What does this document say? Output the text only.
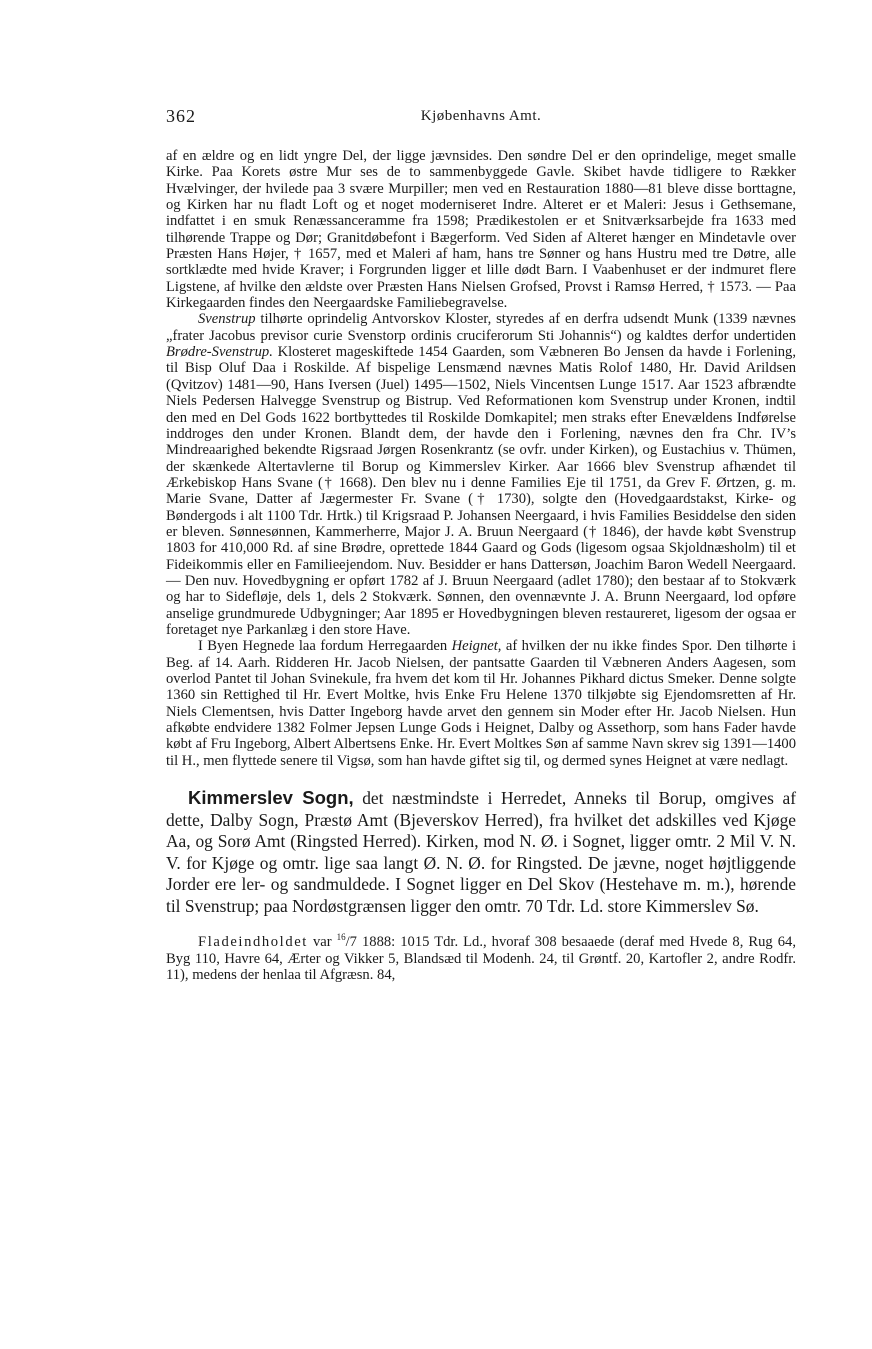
362	Kjøbenhavns Amt.

af en ældre og en lidt yngre Del, der ligge jævnsides. Den søndre Del er den oprindelige, meget smalle Kirke. Paa Korets østre Mur ses de to sammenbyggede Gavle. Skibet havde tidligere to Rækker Hvælvinger, der hvilede paa 3 svære Murpiller; men ved en Restauration 1880—81 bleve disse borttagne, og Kirken har nu fladt Loft og et noget moderniseret Indre. Alteret er et Maleri: Jesus i Gethsemane, indfattet i en smuk Renæssanceramme fra 1598; Prædikestolen er et Snitværksarbejde fra 1633 med tilhørende Trappe og Dør; Granitdøbefont i Bægerform. Ved Siden af Alteret hænger en Mindetavle over Præsten Hans Højer, † 1657, med et Maleri af ham, hans tre Sønner og hans Hustru med tre Døtre, alle sortklædte med hvide Kraver; i Forgrunden ligger et lille dødt Barn. I Vaabenhuset er der indmuret flere Ligstene, af hvilke den ældste over Præsten Hans Nielsen Grofsed, Provst i Ramsø Herred, † 1573. — Paa Kirkegaarden findes den Neergaardske Familiebegravelse.

Svenstrup tilhørte oprindelig Antvorskov Kloster, styredes af en derfra udsendt Munk (1339 nævnes „frater Jacobus previsor curie Svenstorp ordinis cruciferorum Sti Johannis“) og kaldtes derfor undertiden Brødre-Svenstrup. Klosteret mageskiftede 1454 Gaarden, som Væbneren Bo Jensen da havde i Forlening, til Bisp Oluf Daa i Roskilde. Af bispelige Lensmænd nævnes Matis Rolof 1480, Hr. David Arildsen (Qvitzov) 1481—90, Hans Iversen (Juel) 1495—1502, Niels Vincentsen Lunge 1517. Aar 1523 afbrændte Niels Pedersen Halvegge Svenstrup og Bistrup. Ved Reformationen kom Svenstrup under Kronen, indtil den med en Del Gods 1622 bortbyttedes til Roskilde Domkapitel; men straks efter Enevældens Indførelse inddroges den under Kronen. Blandt dem, der havde den i Forlening, nævnes den fra Chr. IV’s Mindreaarighed bekendte Rigsraad Jørgen Rosenkrantz (se ovfr. under Kirken), og Eustachius v. Thümen, der skænkede Altertavlerne til Borup og Kimmerslev Kirker. Aar 1666 blev Svenstrup afhændet til Ærkebiskop Hans Svane († 1668). Den blev nu i denne Families Eje til 1751, da Grev F. Ørtzen, g. m. Marie Svane, Datter af Jægermester Fr. Svane († 1730), solgte den (Hovedgaardstakst, Kirke- og Bøndergods i alt 1100 Tdr. Hrtk.) til Krigsraad P. Johansen Neergaard, i hvis Families Besiddelse den siden er bleven. Sønnesønnen, Kammerherre, Major J. A. Bruun Neergaard († 1846), der havde købt Svenstrup 1803 for 410,000 Rd. af sine Brødre, oprettede 1844 Gaard og Gods (ligesom ogsaa Skjoldnæsholm) til et Fideikommis eller en Familieejendom. Nuv. Besidder er hans Dattersøn, Joachim Baron Wedell Neergaard. — Den nuv. Hovedbygning er opført 1782 af J. Bruun Neergaard (adlet 1780); den bestaar af to Stokværk og har to Sidefløje, dels 1, dels 2 Stokværk. Sønnen, den ovennævnte J. A. Brunn Neergaard, lod opføre anselige grundmurede Udbygninger; Aar 1895 er Hovedbygningen bleven restaureret, ligesom der ogsaa er foretaget nye Parkanlæg i den store Have.

I Byen Hegnede laa fordum Herregaarden Heignet, af hvilken der nu ikke findes Spor. Den tilhørte i Beg. af 14. Aarh. Ridderen Hr. Jacob Nielsen, der pantsatte Gaarden til Væbneren Anders Aagesen, som overlod Pantet til Johan Svinekule, fra hvem det kom til Hr. Johannes Pikhard dictus Smeker. Denne solgte 1360 sin Rettighed til Hr. Evert Moltke, hvis Enke Fru Helene 1370 tilkjøbte sig Ejendomsretten af Hr. Niels Clementsen, hvis Datter Ingeborg havde arvet den gennem sin Moder efter Hr. Jacob Nielsen. Hun afkøbte endvidere 1382 Folmer Jepsen Lunge Gods i Heignet, Dalby og Assethorp, som hans Fader havde købt af Fru Ingeborg, Albert Albertsens Enke. Hr. Evert Moltkes Søn af samme Navn skrev sig 1391—1400 til H., men flyttede senere til Vigsø, som han havde giftet sig til, og dermed synes Heignet at være nedlagt.

Kimmerslev Sogn, det næstmindste i Herredet, Anneks til Borup, omgives af dette, Dalby Sogn, Præstø Amt (Bjeverskov Herred), fra hvilket det adskilles ved Kjøge Aa, og Sorø Amt (Ringsted Herred). Kirken, mod N. Ø. i Sognet, ligger omtr. 2 Mil V. N. V. for Kjøge og omtr. lige saa langt Ø. N. Ø. for Ringsted. De jævne, noget højtliggende Jorder ere ler- og sandmuldede. I Sognet ligger en Del Skov (Hestehave m. m.), hørende til Svenstrup; paa Nordøstgrænsen ligger den omtr. 70 Tdr. Ld. store Kimmerslev Sø.

Fladeindholdet var $^{16}$/7 1888: 1015 Tdr. Ld., hvoraf 308 besaaede (deraf med Hvede 8, Rug 64, Byg 110, Havre 64, Ærter og Vikker 5, Blandsæd til Modenh. 24, til Grøntf. 20, Kartofler 2, andre Rodfr. 11), medens der henlaa til Afgræsn. 84,
